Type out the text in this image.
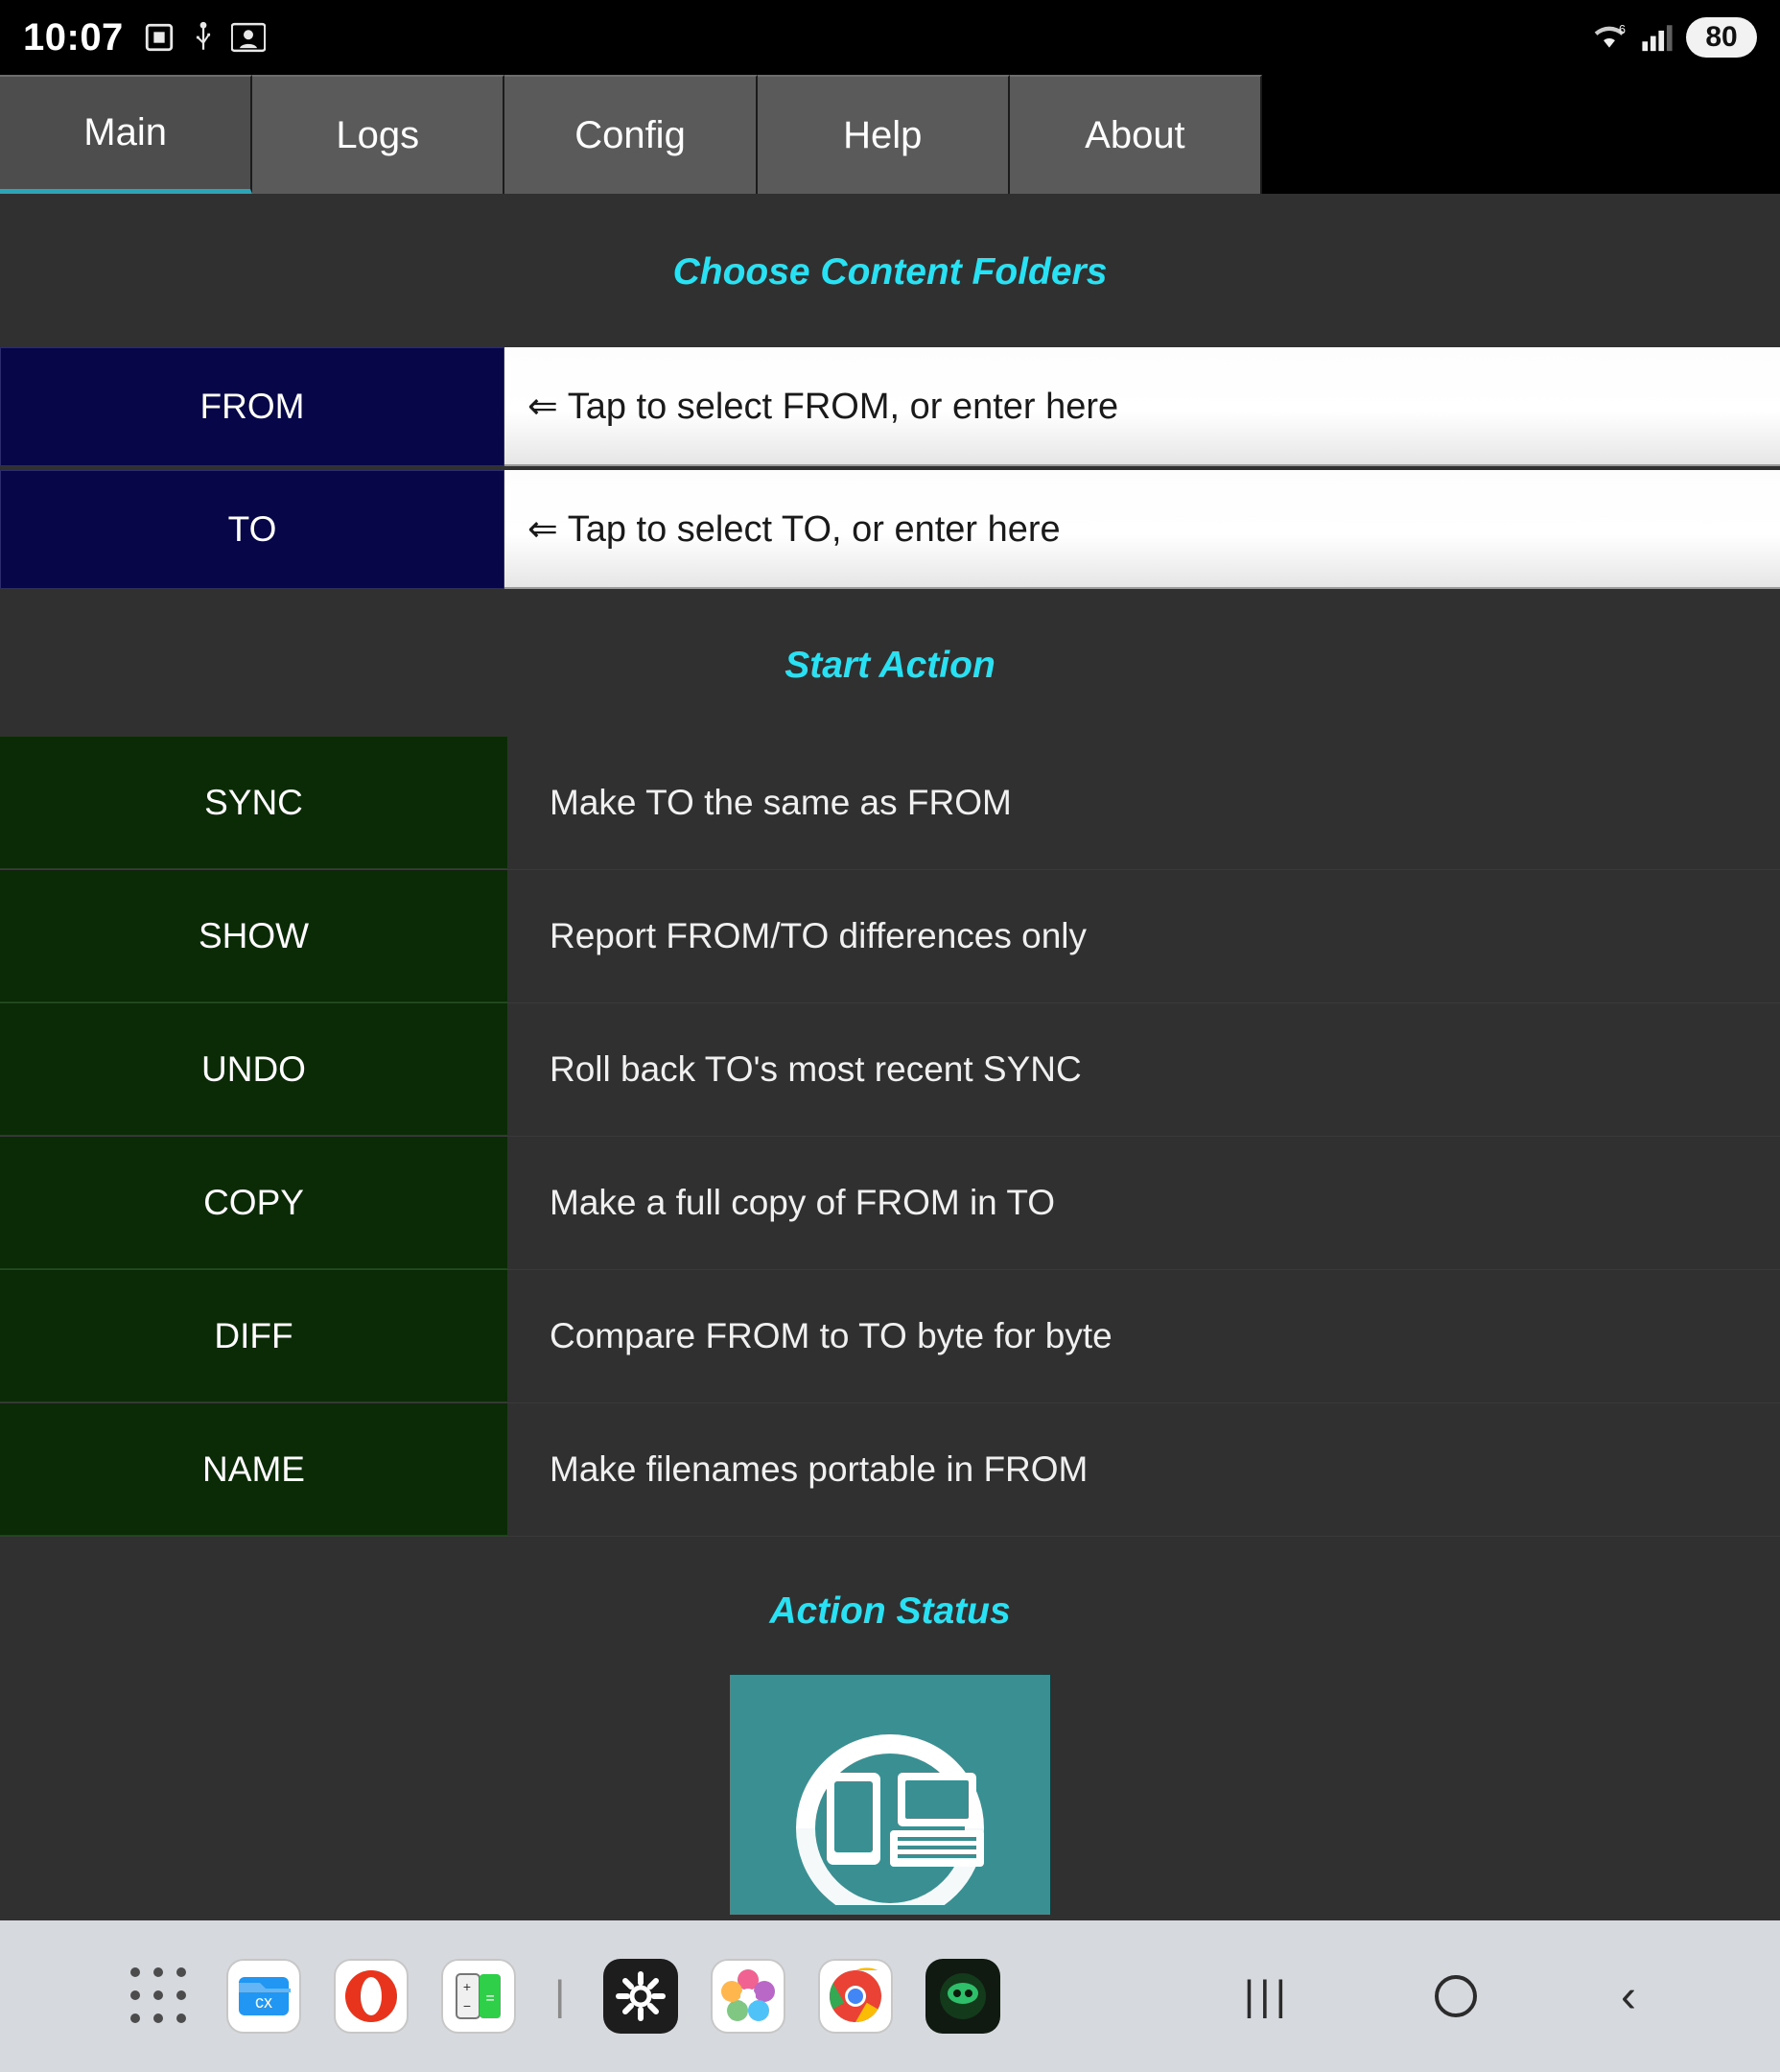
10:07	6	80
Main	Logs	Config	Help	About
Choose Content Folders
FROM	⇐ Tap to select FROM, or enter here
TO	⇐ Tap to select TO, or enter here
Start Action
SYNC	Make TO the same as FROM
SHOW	Report FROM/TO differences only
UNDO	Roll back TO's most recent SYNC
COPY	Make a full copy of FROM in TO
DIFF	Compare FROM to TO byte for byte
NAME	Make filenames portable in FROM
Action Status
cx
+
− = |	|||	‹
